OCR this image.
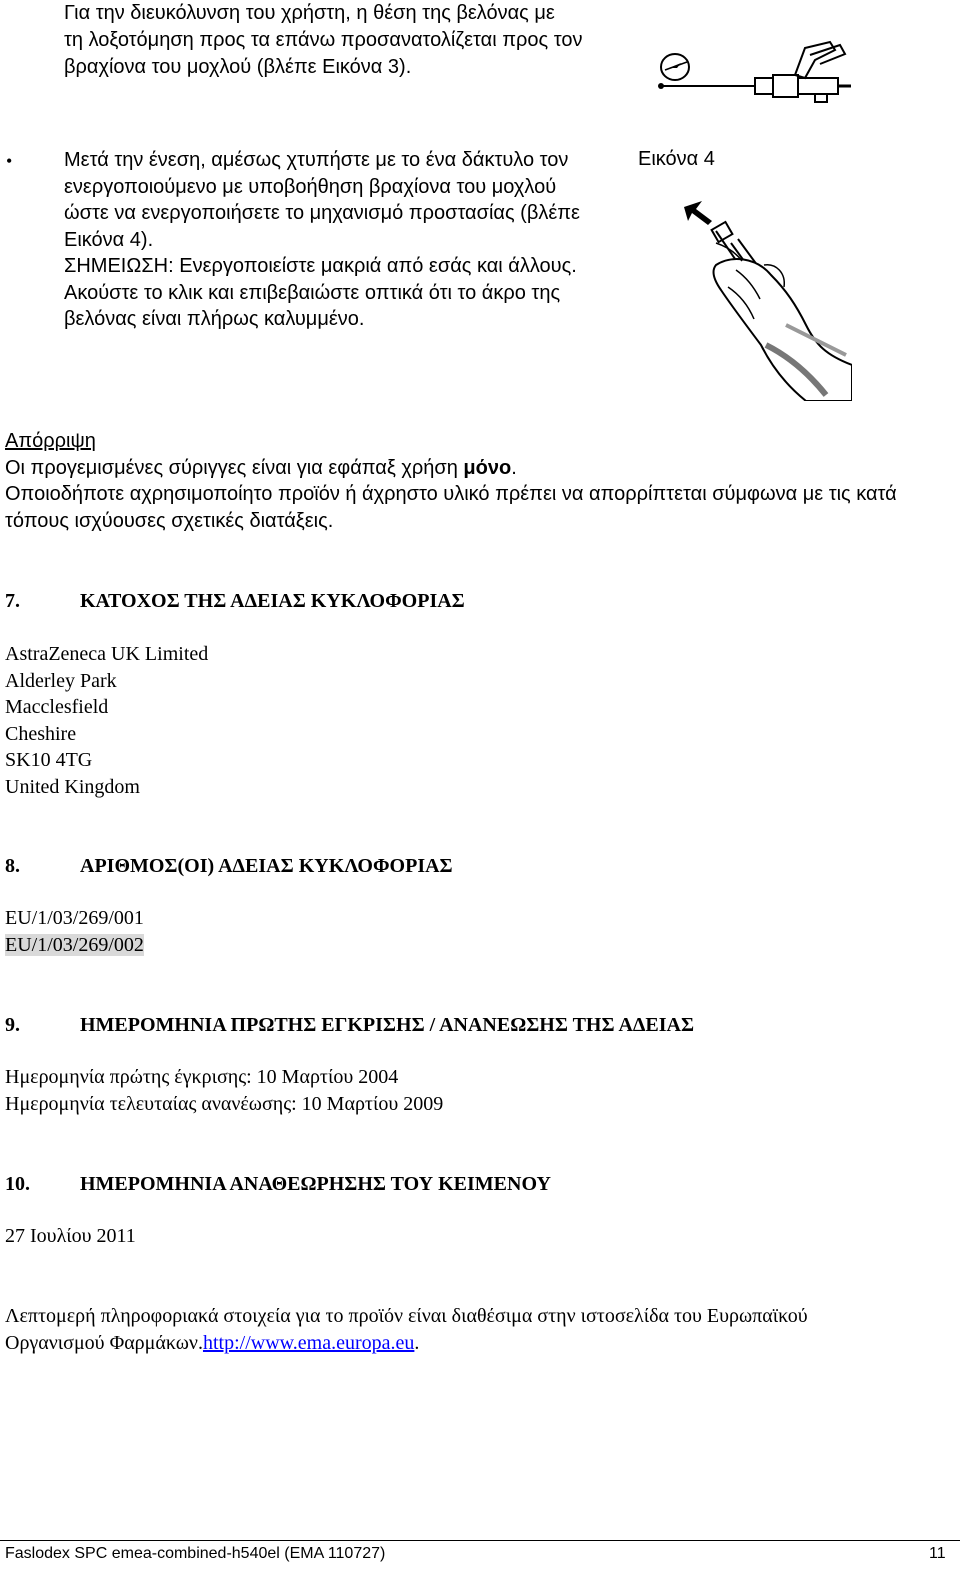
Για την διευκόλυνση του χρήστη, η θέση της βελόνας με
τη λοξοτόμηση προς τα επάνω προσανατολίζεται προς τον
βραχίονα του μοχλού (βλέπε Εικόνα 3).
•	Μετά την ένεση, αμέσως χτυπήστε με το ένα δάκτυλο τον
ενεργοποιούμενο με υποβοήθηση βραχίονα του μοχλού
ώστε να ενεργοποιήσετε το μηχανισμό προστασίας (βλέπε
Εικόνα 4).
ΣΗΜΕΙΩΣΗ: Ενεργοποιείστε μακριά από εσάς και άλλους.
Ακούστε το κλικ και επιβεβαιώστε οπτικά ότι το άκρο της
βελόνας είναι πλήρως καλυμμένο.
Εικόνα 4
Απόρριψη
Οι προγεμισμένες σύριγγες είναι για εφάπαξ χρήση μόνο.
Οποιοδήποτε αχρησιμοποίητο προϊόν ή άχρηστο υλικό πρέπει να απορρίπτεται σύμφωνα με τις κατά
τόπους ισχύουσες σχετικές διατάξεις.
7.	ΚΑΤΟΧΟΣ ΤΗΣ ΑΔΕΙΑΣ ΚΥΚΛΟΦΟΡΙΑΣ
AstraZeneca UK Limited
Alderley Park
Macclesfield
Cheshire
SK10 4TG
United Kingdom
8.	ΑΡΙΘΜΟΣ(ΟΙ) ΑΔΕΙΑΣ ΚΥΚΛΟΦΟΡΙΑΣ
EU/1/03/269/001
EU/1/03/269/002
9.	ΗΜΕΡΟΜΗΝΙΑ ΠΡΩΤΗΣ ΕΓΚΡΙΣΗΣ / ΑΝΑΝΕΩΣΗΣ ΤΗΣ ΑΔΕΙΑΣ
Ημερομηνία πρώτης έγκρισης: 10 Μαρτίου 2004
Ημερομηνία τελευταίας ανανέωσης: 10 Μαρτίου 2009
10.	ΗΜΕΡΟΜΗΝΙΑ ΑΝΑΘΕΩΡΗΣΗΣ ΤΟΥ ΚΕΙΜΕΝΟΥ
27 Ιουλίου 2011
Λεπτομερή πληροφοριακά στοιχεία για το προϊόν είναι διαθέσιμα στην ιστοσελίδα του Ευρωπαϊκού
Οργανισμού Φαρμάκων.http://www.ema.europa.eu.
Faslodex SPC emea-combined-h540el (EMA 110727)	11
